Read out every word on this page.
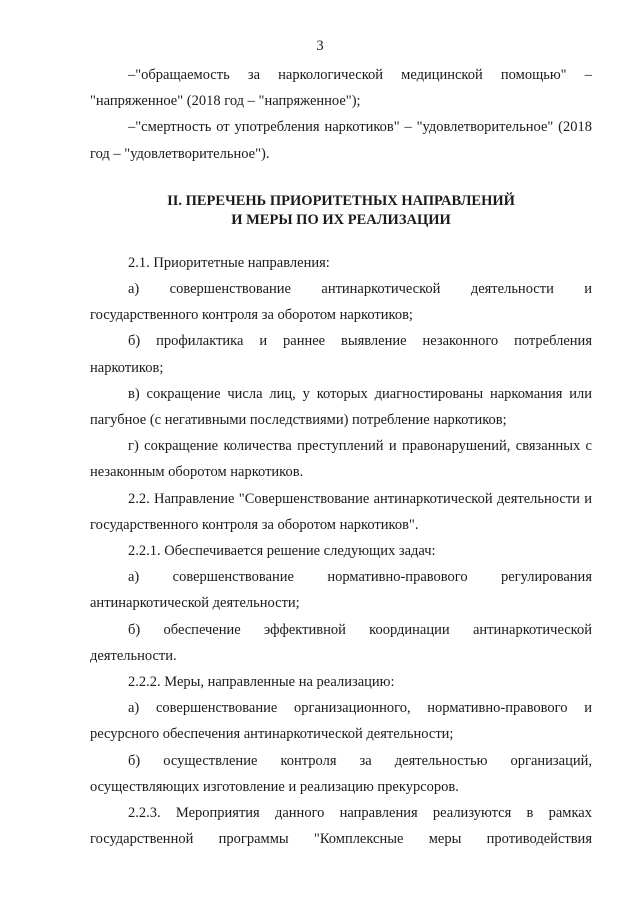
3

–"обращаемость за наркологической медицинской помощью" – "напряженное" (2018 год – "напряженное");

–"смертность от употребления наркотиков" – "удовлетворительное" (2018 год – "удовлетворительное").

II. ПЕРЕЧЕНЬ ПРИОРИТЕТНЫХ НАПРАВЛЕНИЙ
И МЕРЫ ПО ИХ РЕАЛИЗАЦИИ

2.1. Приоритетные направления:

а) совершенствование антинаркотической деятельности и государственного контроля за оборотом наркотиков;

б) профилактика и раннее выявление незаконного потребления наркотиков;

в) сокращение числа лиц, у которых диагностированы наркомания или пагубное (с негативными последствиями) потребление наркотиков;

г) сокращение количества преступлений и правонарушений, связанных с незаконным оборотом наркотиков.

2.2. Направление "Совершенствование антинаркотической деятельности и государственного контроля за оборотом наркотиков".

2.2.1. Обеспечивается решение следующих задач:

а) совершенствование нормативно-правового регулирования антинаркотической деятельности;

б) обеспечение эффективной координации антинаркотической деятельности.

2.2.2. Меры, направленные на реализацию:

а) совершенствование организационного, нормативно-правового и ресурсного обеспечения антинаркотической деятельности;

б) осуществление контроля за деятельностью организаций, осуществляющих изготовление и реализацию прекурсоров.

2.2.3. Мероприятия данного направления реализуются в рамках государственной программы "Комплексные меры противодействия
